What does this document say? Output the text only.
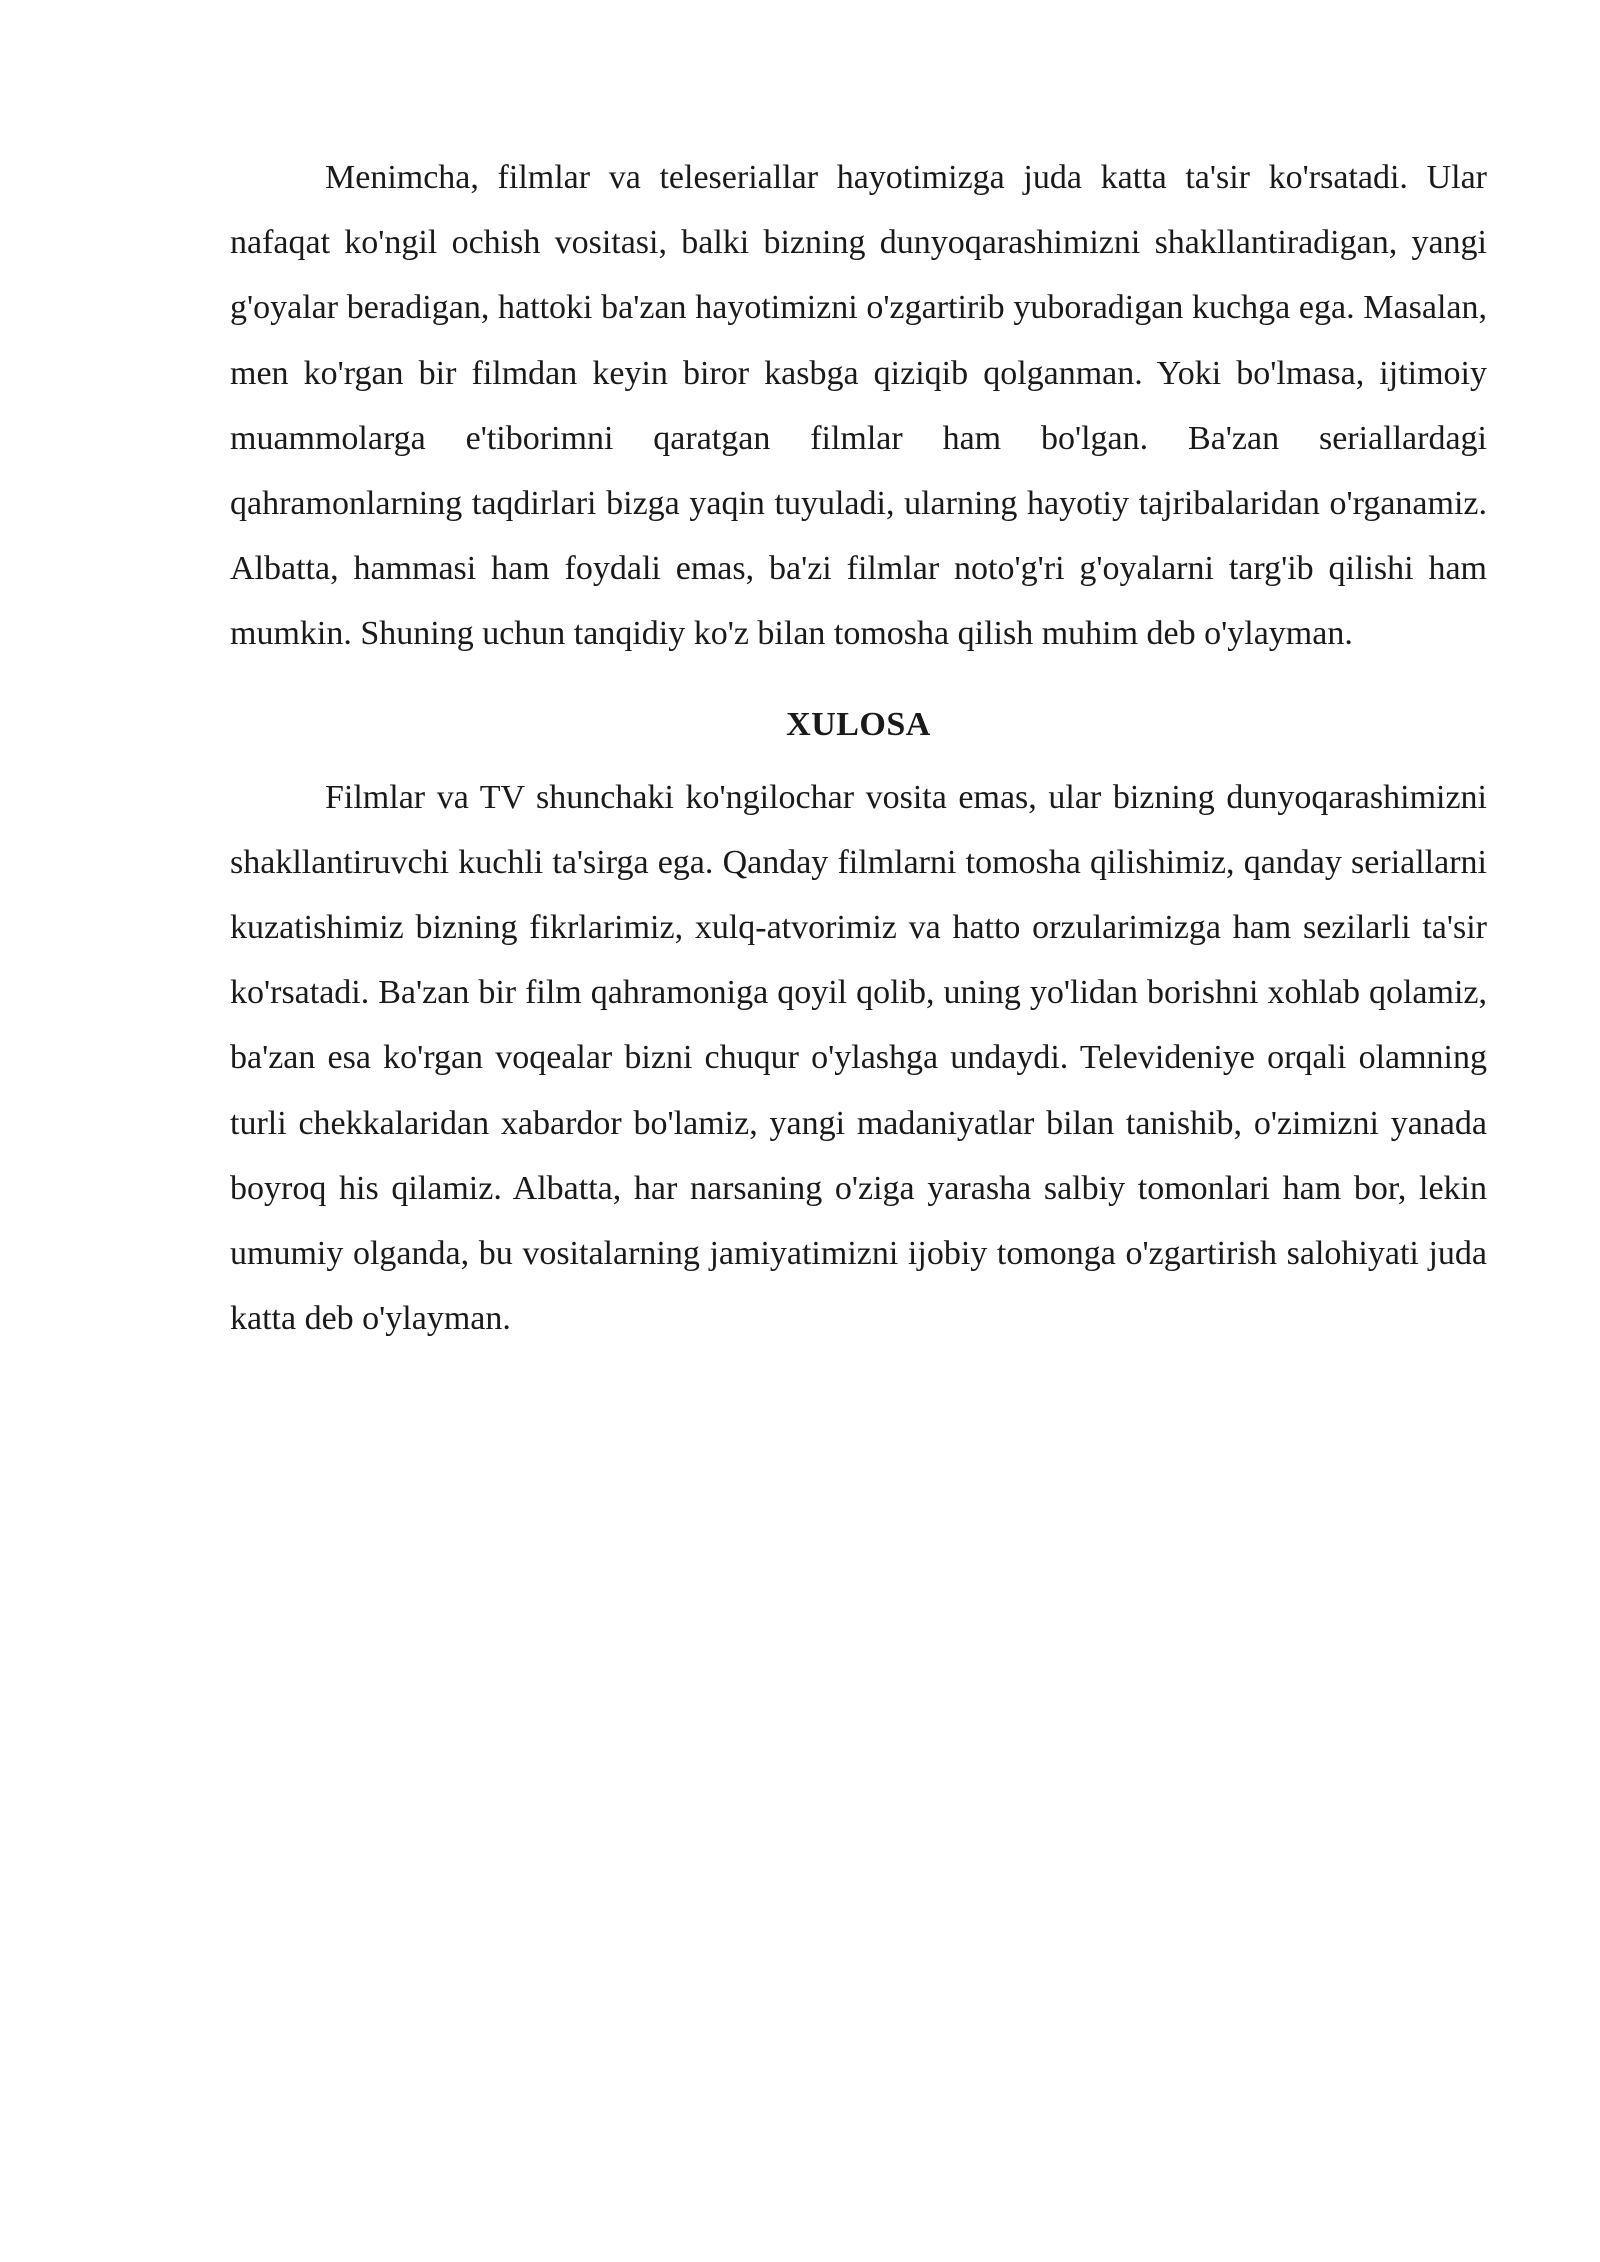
Menimcha, filmlar va teleseriallar hayotimizga juda katta ta'sir ko'rsatadi. Ular nafaqat ko'ngil ochish vositasi, balki bizning dunyoqarashimizni shakllantiradigan, yangi g'oyalar beradigan, hattoki ba'zan hayotimizni o'zgartirib yuboradigan kuchga ega. Masalan, men ko'rgan bir filmdan keyin biror kasbga qiziqib qolganman. Yoki bo'lmasa, ijtimoiy muammolarga e'tiborimni qaratgan filmlar ham bo'lgan. Ba'zan seriallardagi qahramonlarning taqdirlari bizga yaqin tuyuladi, ularning hayotiy tajribalaridan o'rganamiz. Albatta, hammasi ham foydali emas, ba'zi filmlar noto'g'ri g'oyalarni targ'ib qilishi ham mumkin. Shuning uchun tanqidiy ko'z bilan tomosha qilish muhim deb o'ylayman.

XULOSA

Filmlar va TV shunchaki ko'ngilochar vosita emas, ular bizning dunyoqarashimizni shakllantiruvchi kuchli ta'sirga ega. Qanday filmlarni tomosha qilishimiz, qanday seriallarni kuzatishimiz bizning fikrlarimiz, xulq-atvorimiz va hatto orzularimizga ham sezilarli ta'sir ko'rsatadi. Ba'zan bir film qahramoniga qoyil qolib, uning yo'lidan borishni xohlab qolamiz, ba'zan esa ko'rgan voqealar bizni chuqur o'ylashga undaydi. Televideniye orqali olamning turli chekkalaridan xabardor bo'lamiz, yangi madaniyatlar bilan tanishib, o'zimizni yanada boyroq his qilamiz. Albatta, har narsaning o'ziga yarasha salbiy tomonlari ham bor, lekin umumiy olganda, bu vositalarning jamiyatimizni ijobiy tomonga o'zgartirish salohiyati juda katta deb o'ylayman.
